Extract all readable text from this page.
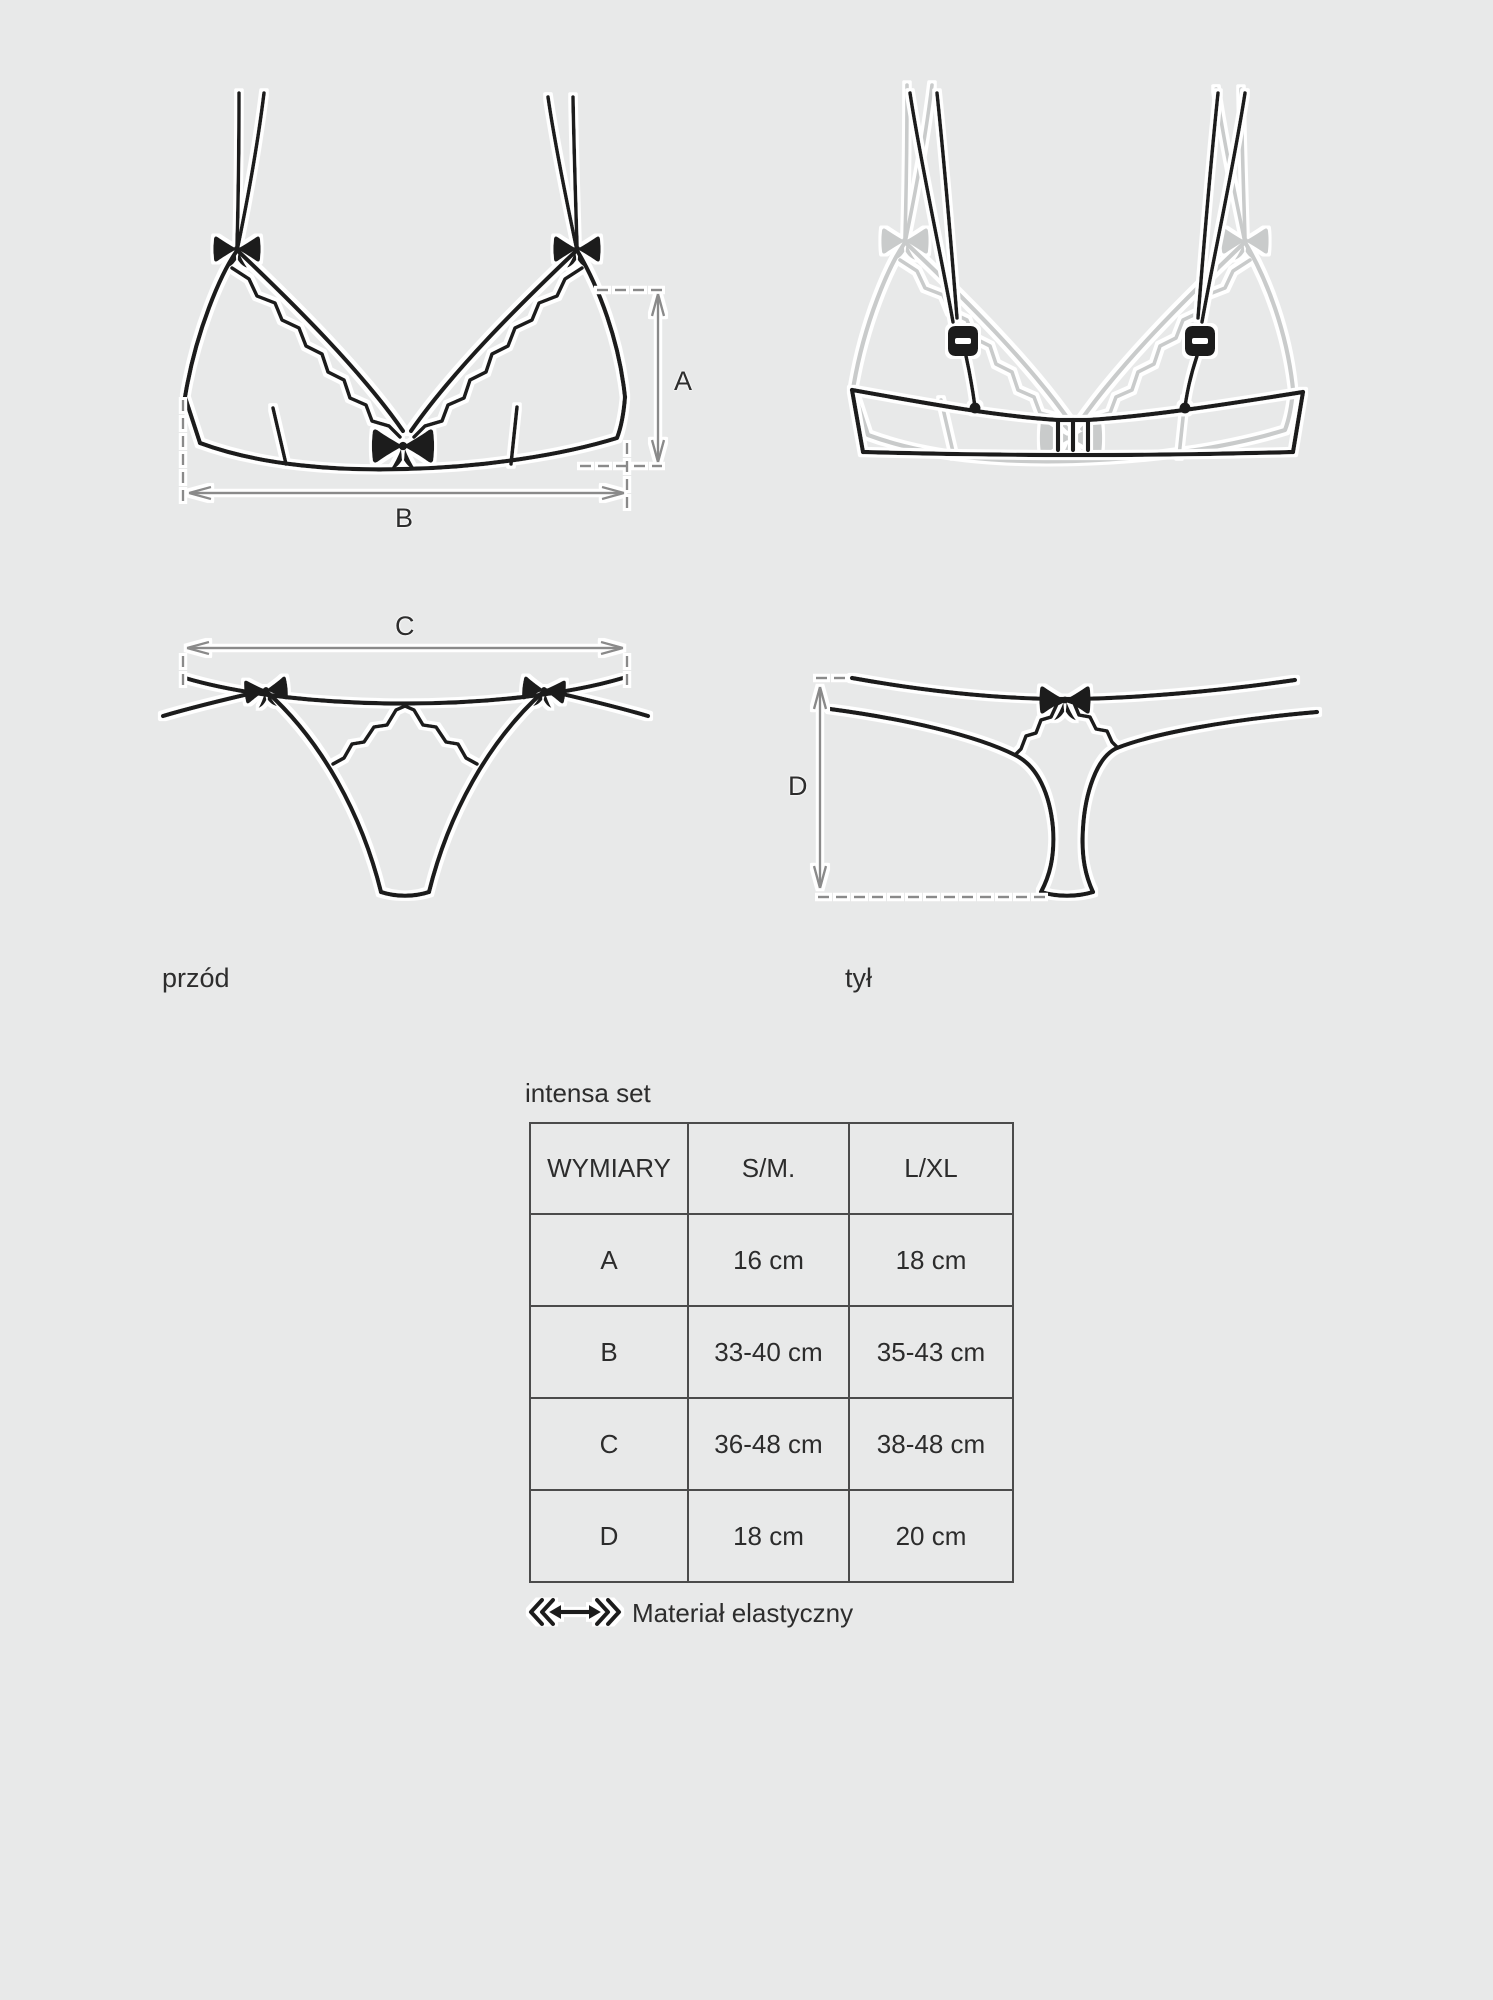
A
B
C
D
przód	tył
intensa set
WYMIARY	S/M.	L/XL
A	16 cm	18 cm
B	33-40 cm	35-43 cm
C	36-48 cm	38-48 cm
D	18 cm	20 cm
Materiał elastyczny
